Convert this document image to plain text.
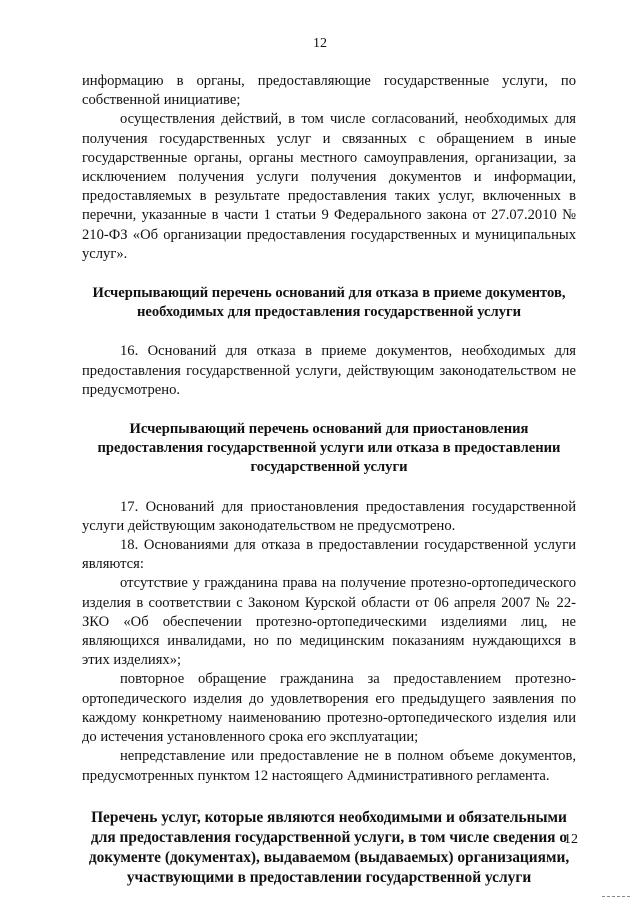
12

информацию в органы, предоставляющие государственные услуги, по собственной инициативе;

осуществления действий, в том числе согласований, необходимых для получения государственных услуг и связанных с обращением в иные государственные органы, органы местного самоуправления, организации, за исключением получения услуги получения документов и информации, предоставляемых в результате предоставления таких услуг, включенных в перечни, указанные в части 1 статьи 9 Федерального закона от 27.07.2010 № 210-ФЗ «Об организации предоставления государственных и муниципальных услуг».

Исчерпывающий перечень оснований для отказа в приеме документов, необходимых для предоставления государственной услуги

16. Оснований для отказа в приеме документов, необходимых для предоставления государственной услуги, действующим законодательством не предусмотрено.

Исчерпывающий перечень оснований для приостановления предоставления государственной услуги или отказа в предоставлении государственной услуги

17. Оснований для приостановления предоставления государственной услуги действующим законодательством не предусмотрено.

18. Основаниями для отказа в предоставлении государственной услуги являются:

отсутствие у гражданина права на получение протезно-ортопедического изделия в соответствии с Законом Курской области от 06 апреля 2007 № 22-ЗКО «Об обеспечении протезно-ортопедическими изделиями лиц, не являющихся инвалидами, но по медицинским показаниям нуждающихся в этих изделиях»;

повторное обращение гражданина за предоставлением протезно-ортопедического изделия до удовлетворения его предыдущего заявления по каждому конкретному наименованию протезно-ортопедического изделия или до истечения установленного срока его эксплуатации;

непредставление или предоставление не в полном объеме документов, предусмотренных пунктом 12 настоящего Административного регламента.

Перечень услуг, которые являются необходимыми и обязательными для предоставления государственной услуги, в том числе сведения о документе (документах), выдаваемом (выдаваемых) организациями, участвующими в предоставлении государственной услуги
12
